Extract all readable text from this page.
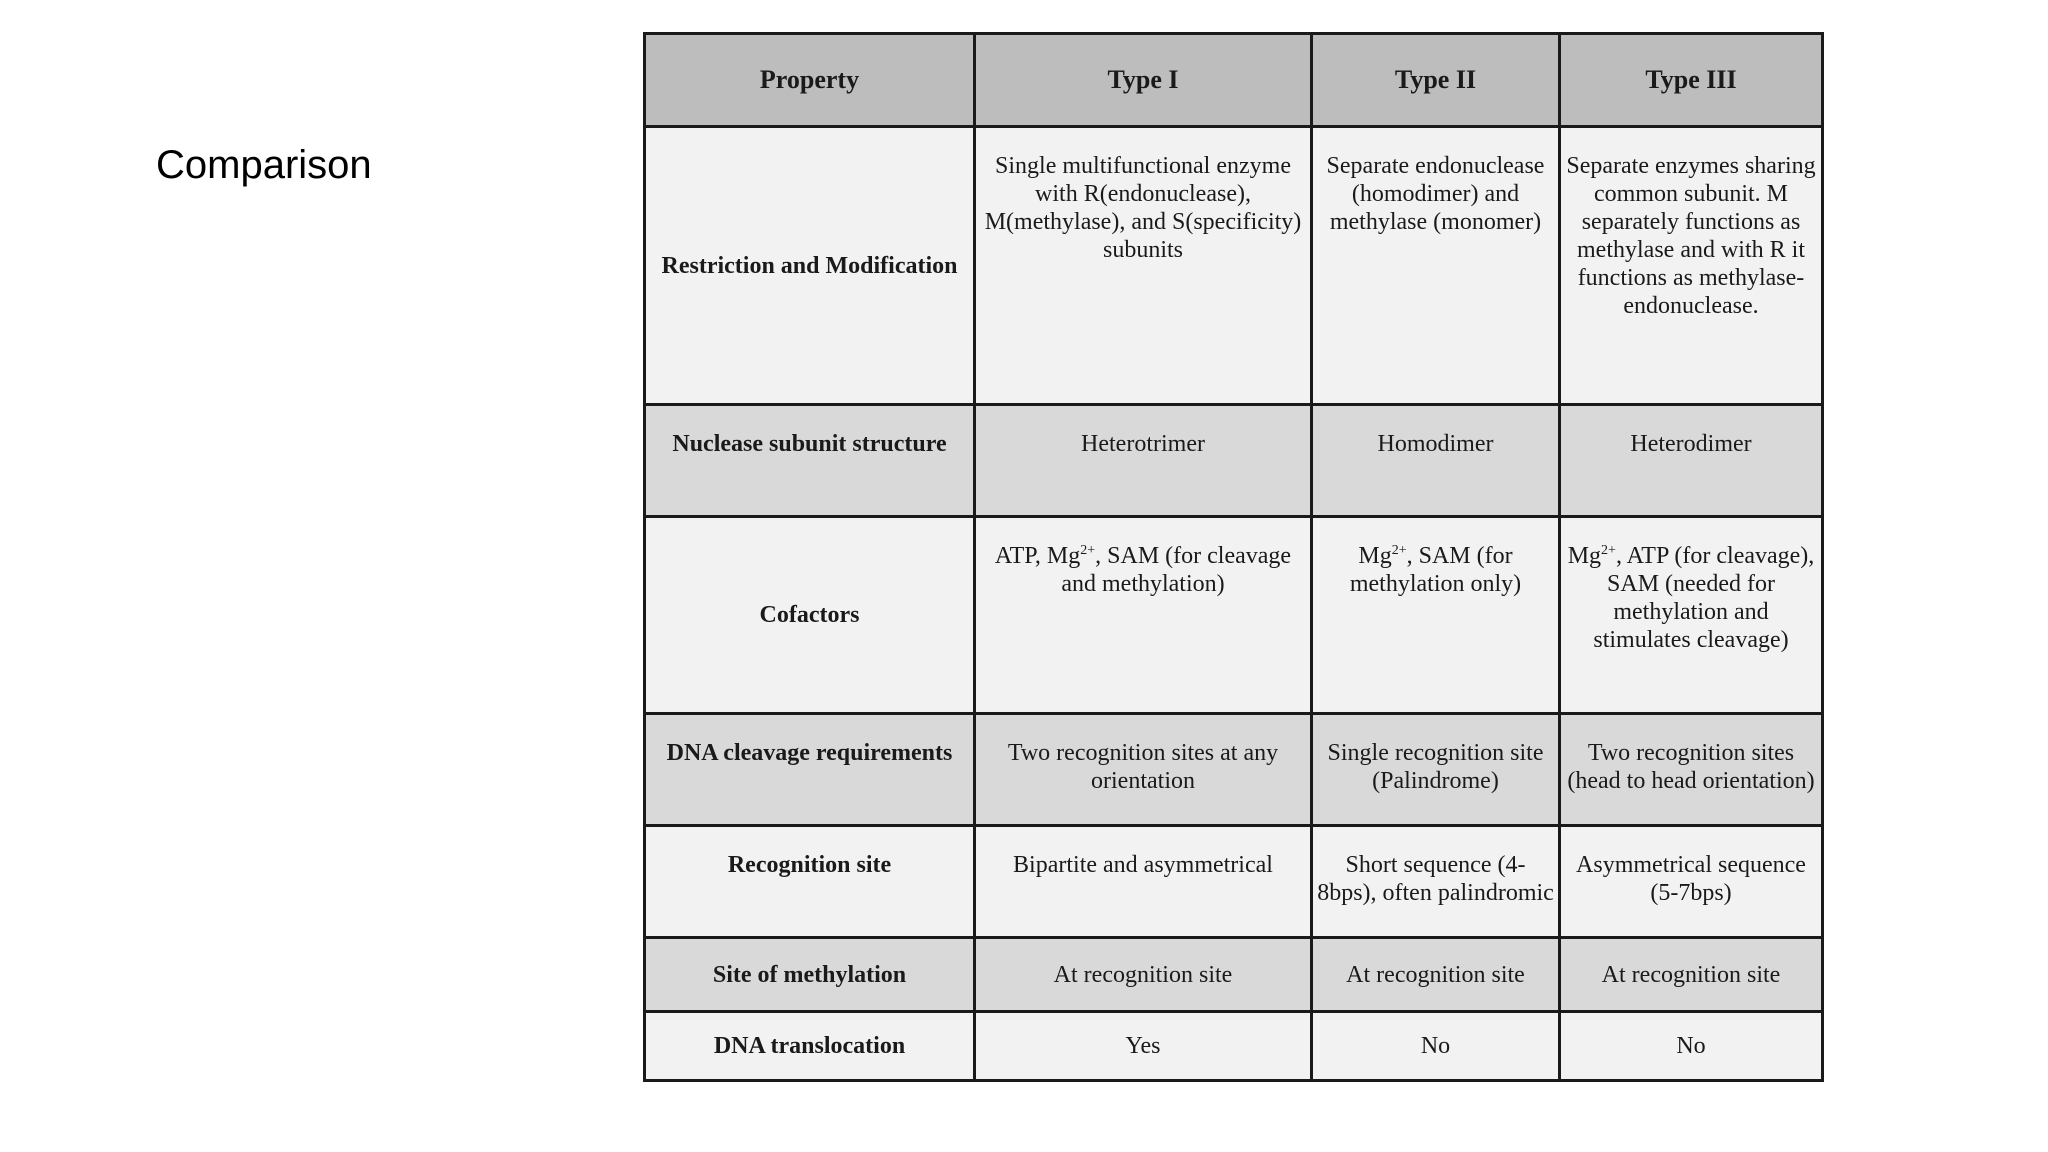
Comparison
Property	Type I	Type II	Type III
Restriction and Modification	Single multifunctional enzyme with R(endonuclease), M(methylase), and S(specificity) subunits	Separate endonuclease (homodimer) and methylase (monomer)	Separate enzymes sharing common subunit. M separately functions as methylase and with R it functions as methylase-endonuclease.
Nuclease subunit structure	Heterotrimer	Homodimer	Heterodimer
Cofactors	ATP, $Mg^{2+}$, SAM (for cleavage and methylation)	$Mg^{2+}$, SAM (for methylation only)	$Mg^{2+}$, ATP (for cleavage), SAM (needed for methylation and stimulates cleavage)
DNA cleavage requirements	Two recognition sites at any orientation	Single recognition site (Palindrome)	Two recognition sites (head to head orientation)
Recognition site	Bipartite and asymmetrical	Short sequence (4-8bps), often palindromic	Asymmetrical sequence (5-7bps)
Site of methylation	At recognition site	At recognition site	At recognition site
DNA translocation	Yes	No	No
